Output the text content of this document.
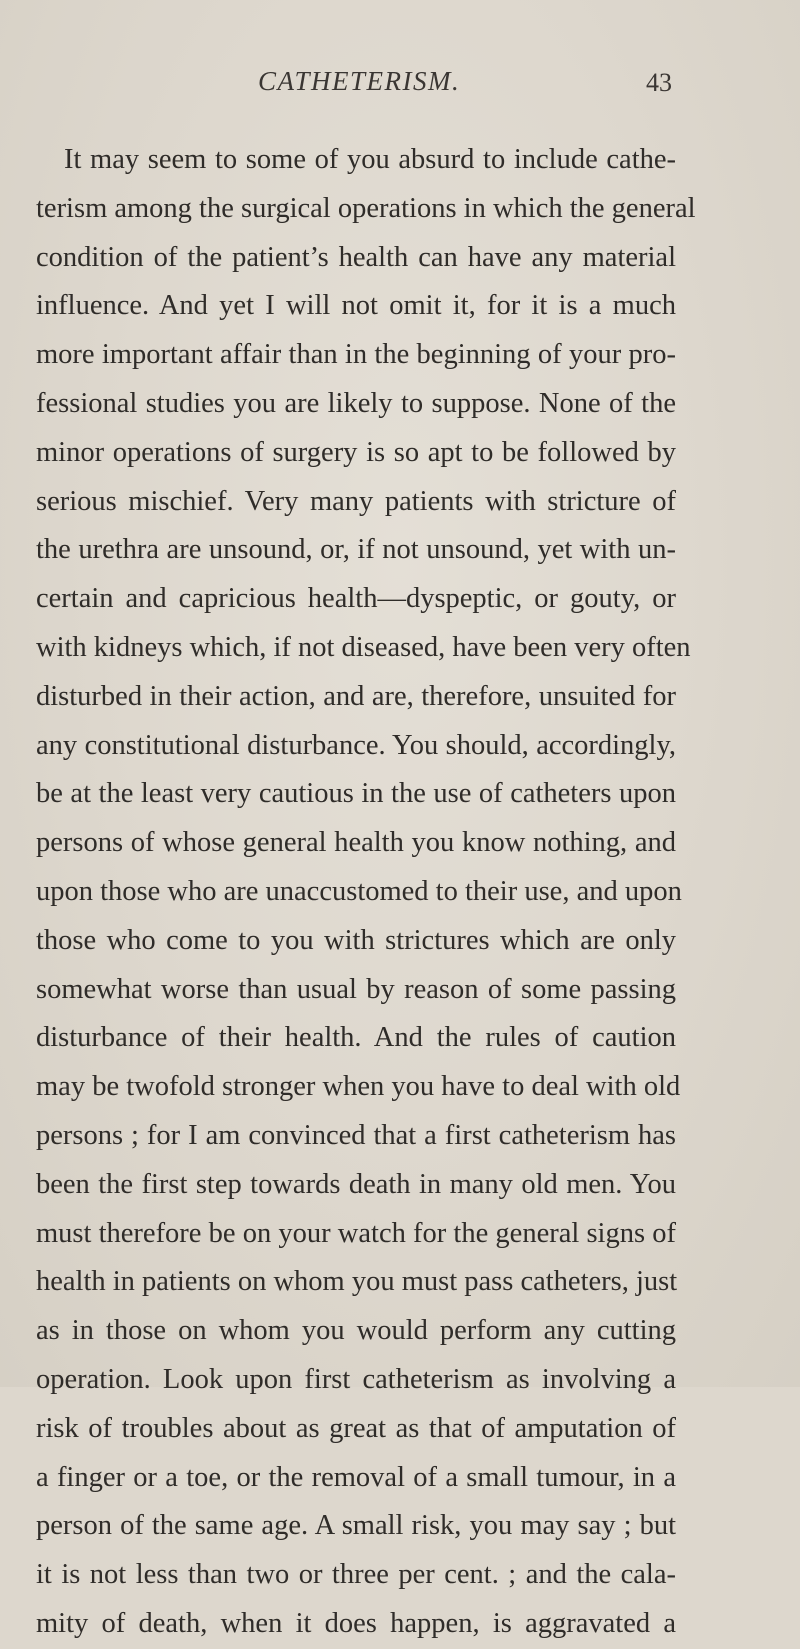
CATHETERISM.	43
It may seem to some of you absurd to include cathe-
terism among the surgical operations in which the general
condition of the patient’s health can have any material
influence. And yet I will not omit it, for it is a much
more important affair than in the beginning of your pro-
fessional studies you are likely to suppose. None of the
minor operations of surgery is so apt to be followed by
serious mischief. Very many patients with stricture of
the urethra are unsound, or, if not unsound, yet with un-
certain and capricious health—dyspeptic, or gouty, or
with kidneys which, if not diseased, have been very often
disturbed in their action, and are, therefore, unsuited for
any constitutional disturbance. You should, accordingly,
be at the least very cautious in the use of catheters upon
persons of whose general health you know nothing, and
upon those who are unaccustomed to their use, and upon
those who come to you with strictures which are only
somewhat worse than usual by reason of some passing
disturbance of their health. And the rules of caution
may be twofold stronger when you have to deal with old
persons ; for I am convinced that a first catheterism has
been the first step towards death in many old men. You
must therefore be on your watch for the general signs of
health in patients on whom you must pass catheters, just
as in those on whom you would perform any cutting
operation. Look upon first catheterism as involving a
risk of troubles about as great as that of amputation of
a finger or a toe, or the removal of a small tumour, in a
person of the same age. A small risk, you may say ; but
it is not less than two or three per cent. ; and the cala-
mity of death, when it does happen, is aggravated a
